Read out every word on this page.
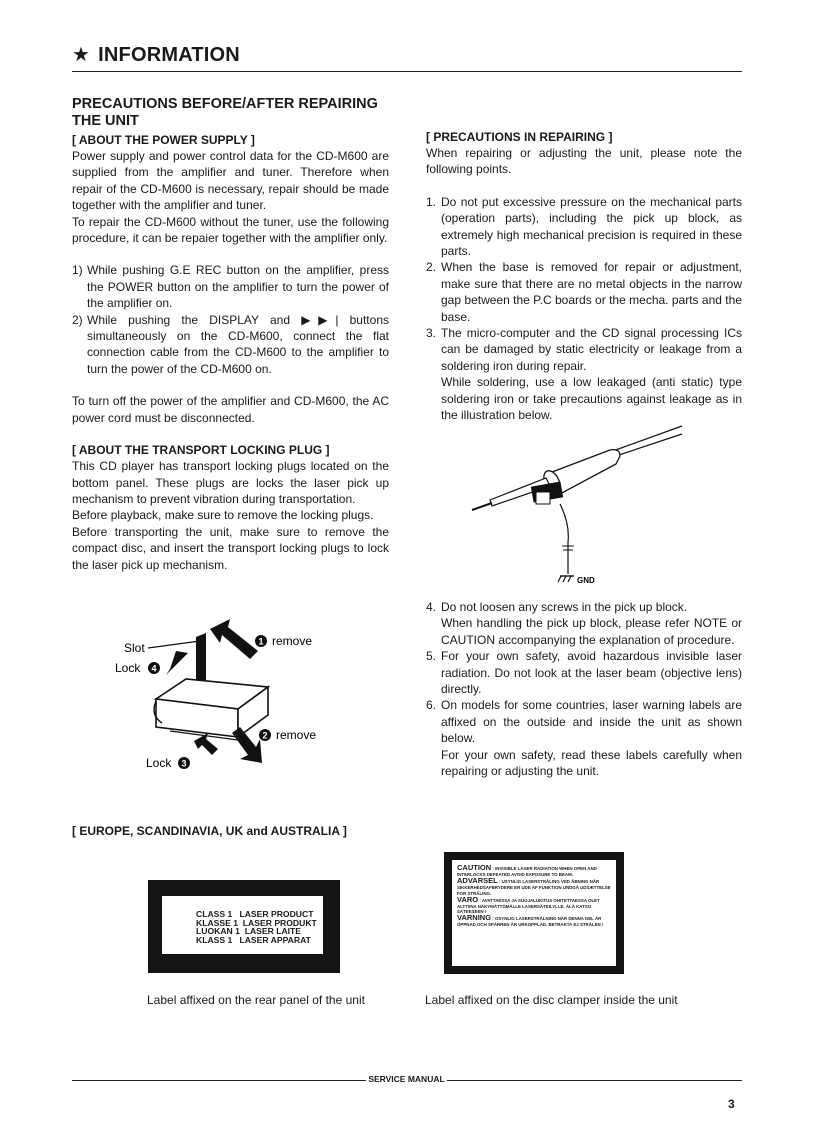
★ INFORMATION
PRECAUTIONS BEFORE/AFTER REPAIRING
THE UNIT
[ ABOUT THE POWER SUPPLY ]

Power supply and power control data for the CD-M600 are supplied from the amplifier and tuner. Therefore when repair of the CD-M600 is necessary, repair should be made together with the amplifier and tuner.

To repair the CD-M600 without the tuner, use the following procedure, it can be repaier together with the amplifier only.

1) While pushing G.E REC button on the amplifier, press the POWER button on the amplifier to turn the power of the amplifier on.
2) While pushing the DISPLAY and ▶▶| buttons simultaneously on the CD-M600, connect the flat connection cable from the CD-M600 to the amplifier to turn the power of the CD-M600 on.

To turn off the power of the amplifier and CD-M600, the AC power cord must be disconnected.

[ ABOUT THE TRANSPORT LOCKING PLUG ]

This CD player has transport locking plugs located on the bottom panel. These plugs are locks the laser pick up mechanism to prevent vibration during transportation.

Before playback, make sure to remove the locking plugs.

Before transporting the unit, make sure to remove the compact disc, and insert the transport locking plugs to lock the laser pick up mechanism.

1
4
2
3
Slot
Lock
remove
remove
Lock
[ PRECAUTIONS IN REPAIRING ]

When repairing or adjusting the unit, please note the following points.

1. Do not put excessive pressure on the mechanical parts (operation parts), including the pick up block, as extremely high mechanical precision is required in these parts.
2. When the base is removed for repair or adjustment, make sure that there are no metal objects in the narrow gap between the P.C boards or the mecha. parts and the base.
3. The micro-computer and the CD signal processing ICs can be damaged by static electricity or leakage from a soldering iron during repair.
While soldering, use a low leakaged (anti static) type soldering iron or take precautions against leakage as in the illustration below.
GND
4. Do not loosen any screws in the pick up block.
When handling the pick up block, please refer NOTE or CAUTION accompanying the explanation of procedure.
5. For your own safety, avoid hazardous invisible laser radiation. Do not look at the laser beam (objective lens) directly.
6. On models for some countries, laser warning labels are affixed on the outside and inside the unit as shown below.
For your own safety, read these labels carefully when repairing or adjusting the unit.
[ EUROPE, SCANDINAVIA, UK and AUSTRALIA ]
CLASS 1   LASER PRODUCT
KLASSE 1  LASER PRODUKT
LUOKAN 1  LASER LAITE
KLASS 1   LASER APPARAT
CAUTION : INVISIBLE LASER RADIATION WHEN OPEN AND INTERLOCKS DEFEATED AVOID EXPOSURE TO BEAM.
ADVARSEL : USYNLIG LASERSTRÅLING VED ÅBNING NÅR SIKKERHEDSAFBRYDERE ER UDE AF FUNKTION UNDGÅ UDSÆTTELSE FOR STRÅLING.
VARO : AVATTAESSA JA SUOJALUKITUS OHITETTAESSA OLET ALTTIINA NÄKYMÄTTÖMÄLLE LASERSÄTEILYLLE. ÄLÄ KATSO SÄTEESEEN !
VARNING : OSYNLIG LASERSTRÅLNING NÄR DENNA DEL ÄR ÖPPNAD OCH SPÄRREN ÄR URKOPPLAD. BETRAKTA EJ STRÅLEN !
Label affixed on the rear panel of the unit	Label affixed on the disc clamper inside the unit
SERVICE MANUAL
3
